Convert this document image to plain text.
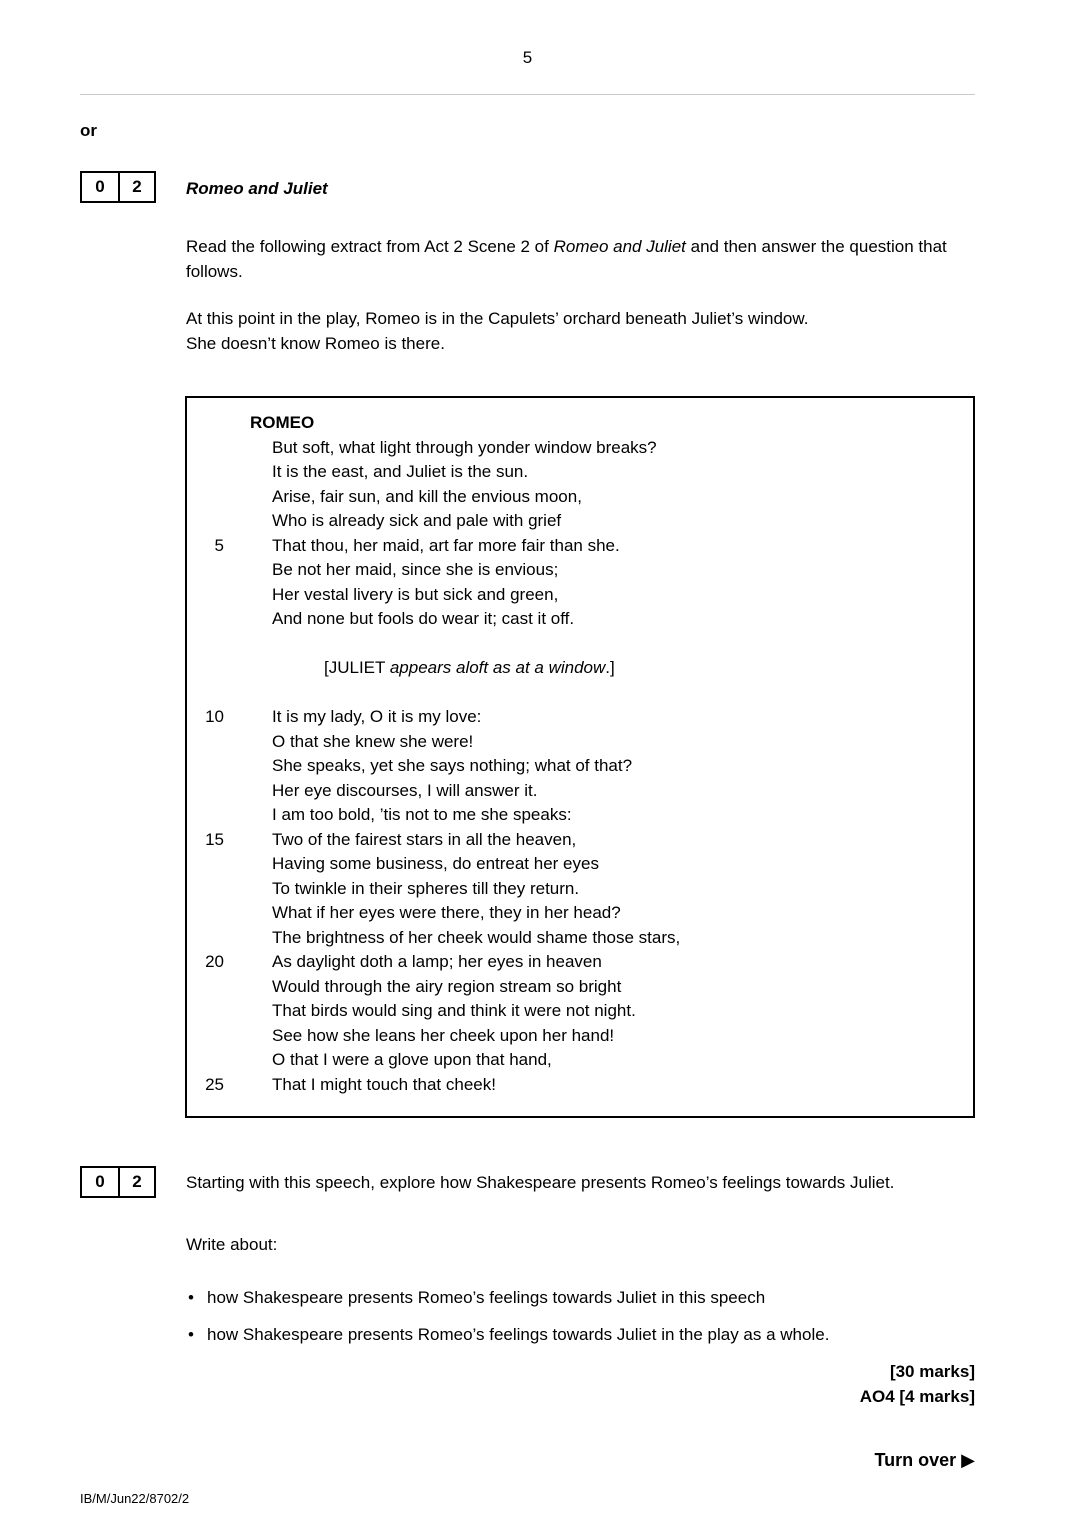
5
or
0	2	Romeo and Juliet
Read the following extract from Act 2 Scene 2 of Romeo and Juliet and then answer the question that follows.
At this point in the play, Romeo is in the Capulets’ orchard beneath Juliet’s window.
She doesn’t know Romeo is there.
ROMEO
But soft, what light through yonder window breaks?
It is the east, and Juliet is the sun.
Arise, fair sun, and kill the envious moon,
Who is already sick and pale with grief
5	That thou, her maid, art far more fair than she.
Be not her maid, since she is envious;
Her vestal livery is but sick and green,
And none but fools do wear it; cast it off.
[JULIET appears aloft as at a window.]
10	It is my lady, O it is my love:
O that she knew she were!
She speaks, yet she says nothing; what of that?
Her eye discourses, I will answer it.
I am too bold, ’tis not to me she speaks:
15	Two of the fairest stars in all the heaven,
Having some business, do entreat her eyes
To twinkle in their spheres till they return.
What if her eyes were there, they in her head?
The brightness of her cheek would shame those stars,
20	As daylight doth a lamp; her eyes in heaven
Would through the airy region stream so bright
That birds would sing and think it were not night.
See how she leans her cheek upon her hand!
O that I were a glove upon that hand,
25	That I might touch that cheek!
0	2	Starting with this speech, explore how Shakespeare presents Romeo’s feelings towards Juliet.
Write about:
• how Shakespeare presents Romeo’s feelings towards Juliet in this speech
• how Shakespeare presents Romeo’s feelings towards Juliet in the play as a whole.
[30 marks]
AO4 [4 marks]
Turn over ▶
IB/M/Jun22/8702/2
